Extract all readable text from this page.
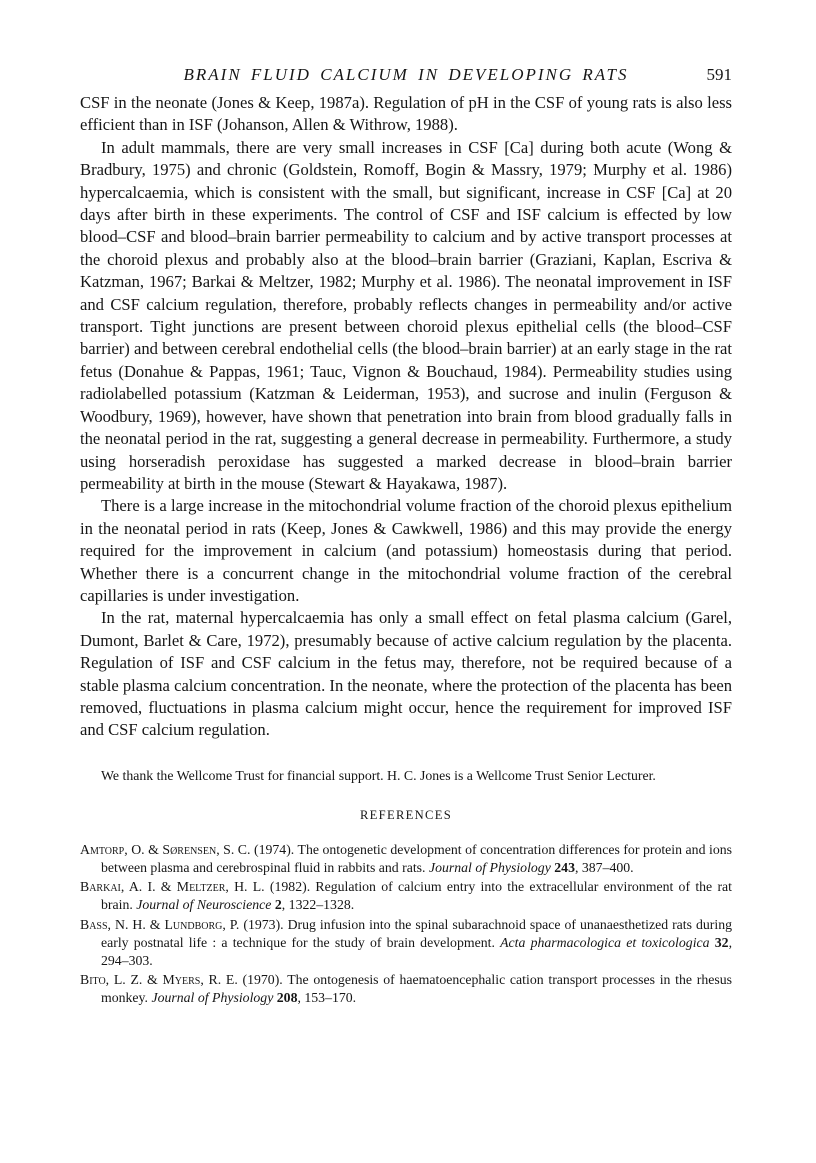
BRAIN FLUID CALCIUM IN DEVELOPING RATS	591

CSF in the neonate (Jones & Keep, 1987a). Regulation of pH in the CSF of young rats is also less efficient than in ISF (Johanson, Allen & Withrow, 1988).

In adult mammals, there are very small increases in CSF [Ca] during both acute (Wong & Bradbury, 1975) and chronic (Goldstein, Romoff, Bogin & Massry, 1979; Murphy et al. 1986) hypercalcaemia, which is consistent with the small, but significant, increase in CSF [Ca] at 20 days after birth in these experiments. The control of CSF and ISF calcium is effected by low blood–CSF and blood–brain barrier permeability to calcium and by active transport processes at the choroid plexus and probably also at the blood–brain barrier (Graziani, Kaplan, Escriva & Katzman, 1967; Barkai & Meltzer, 1982; Murphy et al. 1986). The neonatal improvement in ISF and CSF calcium regulation, therefore, probably reflects changes in permeability and/or active transport. Tight junctions are present between choroid plexus epithelial cells (the blood–CSF barrier) and between cerebral endothelial cells (the blood–brain barrier) at an early stage in the rat fetus (Donahue & Pappas, 1961; Tauc, Vignon & Bouchaud, 1984). Permeability studies using radiolabelled potassium (Katzman & Leiderman, 1953), and sucrose and inulin (Ferguson & Woodbury, 1969), however, have shown that penetration into brain from blood gradually falls in the neonatal period in the rat, suggesting a general decrease in permeability. Furthermore, a study using horseradish peroxidase has suggested a marked decrease in blood–brain barrier permeability at birth in the mouse (Stewart & Hayakawa, 1987).

There is a large increase in the mitochondrial volume fraction of the choroid plexus epithelium in the neonatal period in rats (Keep, Jones & Cawkwell, 1986) and this may provide the energy required for the improvement in calcium (and potassium) homeostasis during that period. Whether there is a concurrent change in the mitochondrial volume fraction of the cerebral capillaries is under investigation.

In the rat, maternal hypercalcaemia has only a small effect on fetal plasma calcium (Garel, Dumont, Barlet & Care, 1972), presumably because of active calcium regulation by the placenta. Regulation of ISF and CSF calcium in the fetus may, therefore, not be required because of a stable plasma calcium concentration. In the neonate, where the protection of the placenta has been removed, fluctuations in plasma calcium might occur, hence the requirement for improved ISF and CSF calcium regulation.

We thank the Wellcome Trust for financial support. H. C. Jones is a Wellcome Trust Senior Lecturer.

REFERENCES

Amtorp, O. & Sørensen, S. C. (1974). The ontogenetic development of concentration differences for protein and ions between plasma and cerebrospinal fluid in rabbits and rats. Journal of Physiology 243, 387–400.

Barkai, A. I. & Meltzer, H. L. (1982). Regulation of calcium entry into the extracellular environment of the rat brain. Journal of Neuroscience 2, 1322–1328.

Bass, N. H. & Lundborg, P. (1973). Drug infusion into the spinal subarachnoid space of unanaesthetized rats during early postnatal life : a technique for the study of brain development. Acta pharmacologica et toxicologica 32, 294–303.

Bito, L. Z. & Myers, R. E. (1970). The ontogenesis of haematoencephalic cation transport processes in the rhesus monkey. Journal of Physiology 208, 153–170.
